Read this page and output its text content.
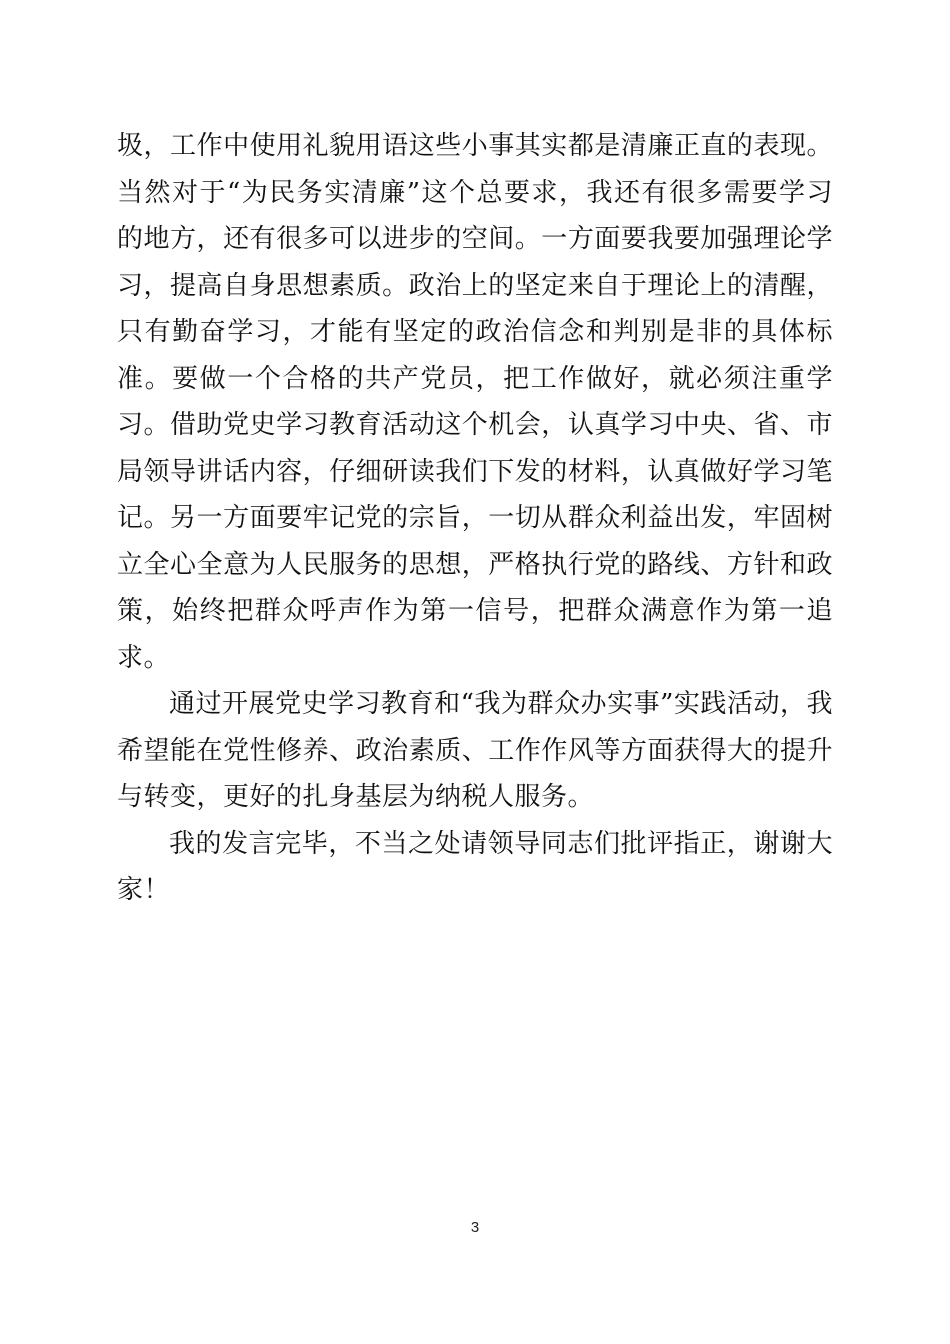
圾，工作中使用礼貌用语这些小事其实都是清廉正直的表现。当然对于“为民务实清廉”这个总要求，我还有很多需要学习的地方，还有很多可以进步的空间。一方面要我要加强理论学习，提高自身思想素质。政治上的坚定来自于理论上的清醒，只有勤奋学习，才能有坚定的政治信念和判别是非的具体标准。要做一个合格的共产党员，把工作做好，就必须注重学习。借助党史学习教育活动这个机会，认真学习中央、省、市局领导讲话内容，仔细研读我们下发的材料，认真做好学习笔记。另一方面要牢记党的宗旨，一切从群众利益出发，牢固树立全心全意为人民服务的思想，严格执行党的路线、方针和政策，始终把群众呼声作为第一信号，把群众满意作为第一追求。

通过开展党史学习教育和“我为群众办实事”实践活动，我希望能在党性修养、政治素质、工作作风等方面获得大的提升与转变，更好的扎身基层为纳税人服务。

我的发言完毕，不当之处请领导同志们批评指正，谢谢大家！

3
